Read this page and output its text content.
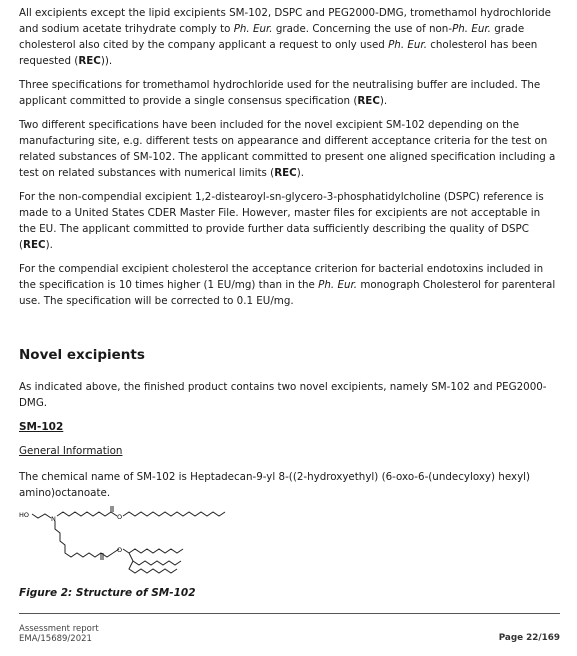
All excipients except the lipid excipients SM-102, DSPC and PEG2000-DMG, tromethamol hydrochloride and sodium acetate trihydrate comply to Ph. Eur. grade. Concerning the use of non-Ph. Eur. grade cholesterol also cited by the company applicant a request to only used Ph. Eur. cholesterol has been requested (REC)).

Three specifications for tromethamol hydrochloride used for the neutralising buffer are included. The applicant committed to provide a single consensus specification (REC).

Two different specifications have been included for the novel excipient SM-102 depending on the manufacturing site, e.g. different tests on appearance and different acceptance criteria for the test on related substances of SM-102. The applicant committed to present one aligned specification including a test on related substances with numerical limits (REC).

For the non-compendial excipient 1,2-distearoyl-sn-glycero-3-phosphatidylcholine (DSPC) reference is made to a United States CDER Master File. However, master files for excipients are not acceptable in the EU. The applicant committed to provide further data sufficiently describing the quality of DSPC (REC).

For the compendial excipient cholesterol the acceptance criterion for bacterial endotoxins included in the specification is 10 times higher (1 EU/mg) than in the Ph. Eur. monograph Cholesterol for parenteral use. The specification will be corrected to 0.1 EU/mg.

Novel excipients

As indicated above, the finished product contains two novel excipients, namely SM-102 and PEG2000-DMG.

SM-102
General Information

The chemical name of SM-102 is Heptadecan-9-yl 8-((2-hydroxyethyl) (6-oxo-6-(undecyloxy) hexyl) amino)octanoate.

HO	N	O
O
Figure 2: Structure of SM-102
Assessment report
EMA/15689/2021	Page 22/169
